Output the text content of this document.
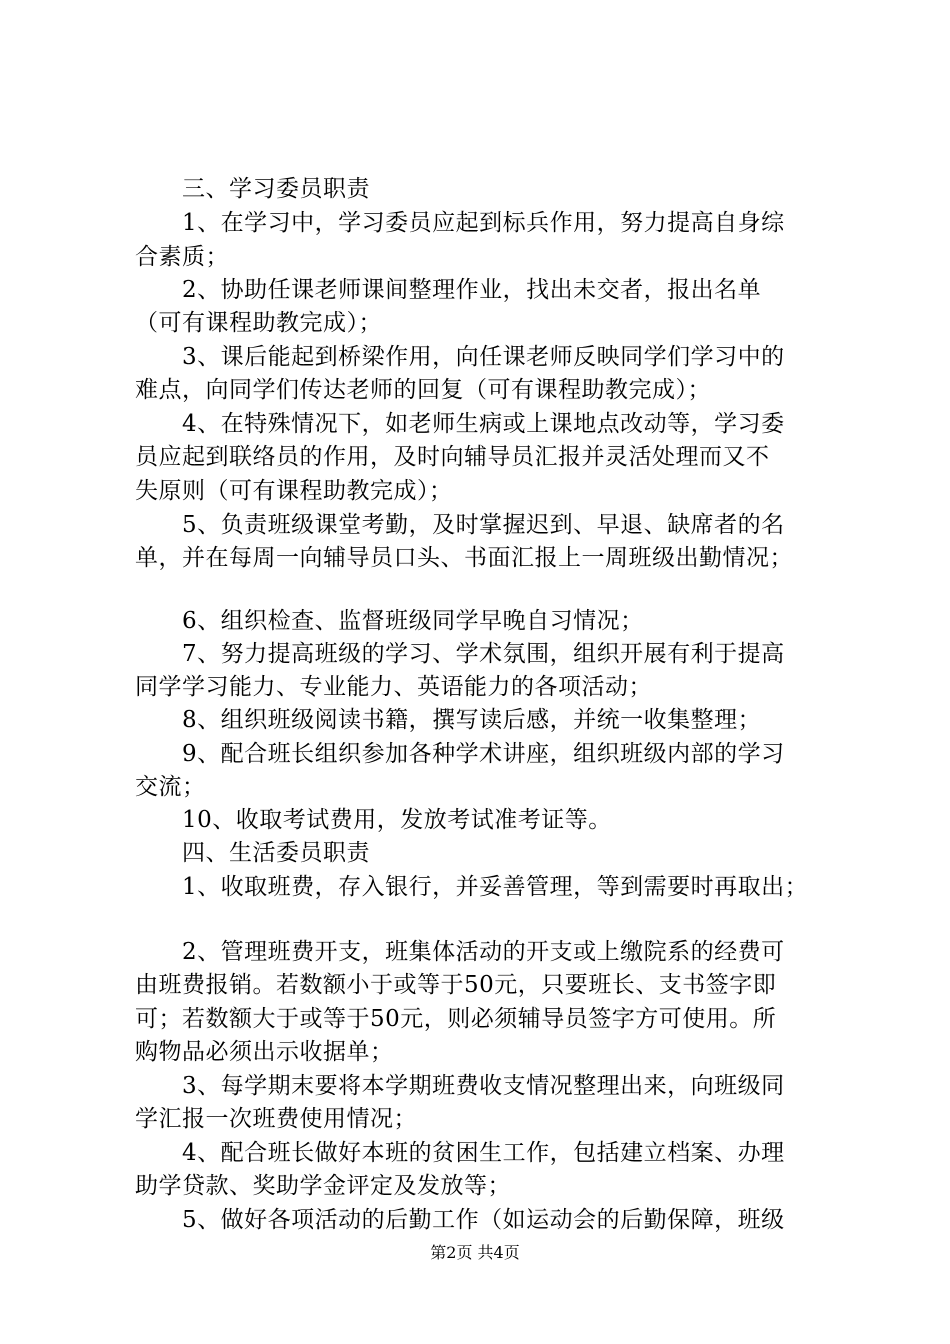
　　三、学习委员职责
　　1、在学习中，学习委员应起到标兵作用，努力提高自身综
合素质；
　　2、协助任课老师课间整理作业，找出未交者，报出名单
（可有课程助教完成）；
　　3、课后能起到桥梁作用，向任课老师反映同学们学习中的
难点，向同学们传达老师的回复（可有课程助教完成）；
　　4、在特殊情况下，如老师生病或上课地点改动等，学习委
员应起到联络员的作用，及时向辅导员汇报并灵活处理而又不
失原则（可有课程助教完成）；
　　5、负责班级课堂考勤，及时掌握迟到、早退、缺席者的名
单，并在每周一向辅导员口头、书面汇报上一周班级出勤情况；
　　6、组织检查、监督班级同学早晚自习情况；
　　7、努力提高班级的学习、学术氛围，组织开展有利于提高
同学学习能力、专业能力、英语能力的各项活动；
　　8、组织班级阅读书籍，撰写读后感，并统一收集整理；
　　9、配合班长组织参加各种学术讲座，组织班级内部的学习
交流；
　　10、收取考试费用，发放考试准考证等。
　　四、生活委员职责
　　1、收取班费，存入银行，并妥善管理，等到需要时再取出；
　　2、管理班费开支，班集体活动的开支或上缴院系的经费可
由班费报销。若数额小于或等于50元，只要班长、支书签字即
可；若数额大于或等于50元，则必须辅导员签字方可使用。所
购物品必须出示收据单；
　　3、每学期末要将本学期班费收支情况整理出来，向班级同
学汇报一次班费使用情况；
　　4、配合班长做好本班的贫困生工作，包括建立档案、办理
助学贷款、奖助学金评定及发放等；
　　5、做好各项活动的后勤工作（如运动会的后勤保障，班级
第2页 共4页
